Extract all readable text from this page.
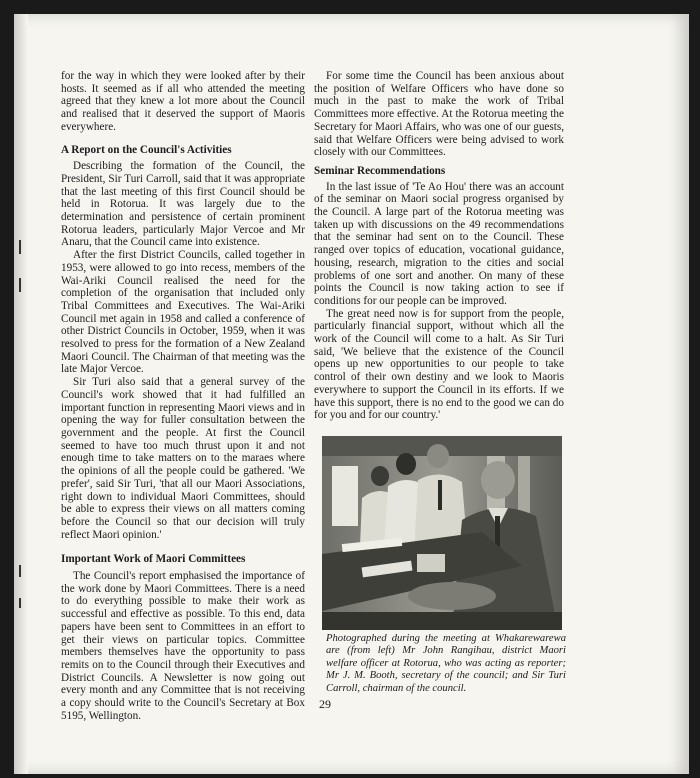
for the way in which they were looked after by their hosts. It seemed as if all who attended the meeting agreed that they knew a lot more about the Council and realised that it deserved the support of Maoris everywhere.

A Report on the Council's Activities

Describing the formation of the Council, the President, Sir Turi Carroll, said that it was appropriate that the last meeting of this first Council should be held in Rotorua. It was largely due to the determination and persistence of certain prominent Rotorua leaders, particularly Major Vercoe and Mr Anaru, that the Council came into existence.

After the first District Councils, called together in 1953, were allowed to go into recess, members of the Wai-Ariki Council realised the need for the completion of the organisation that included only Tribal Committees and Executives. The Wai-Ariki Council met again in 1958 and called a conference of other District Councils in October, 1959, when it was resolved to press for the formation of a New Zealand Maori Council. The Chairman of that meeting was the late Major Vercoe.

Sir Turi also said that a general survey of the Council's work showed that it had fulfilled an important function in representing Maori views and in opening the way for fuller consultation between the government and the people. At first the Council seemed to have too much thrust upon it and not enough time to take matters on to the maraes where the opinions of all the people could be gathered. 'We prefer', said Sir Turi, 'that all our Maori Associations, right down to individual Maori Committees, should be able to express their views on all matters coming before the Council so that our decision will truly reflect Maori opinion.'

Important Work of Maori Committees

The Council's report emphasised the importance of the work done by Maori Committees. There is a need to do everything possible to make their work as successful and effective as possible. To this end, data papers have been sent to Committees in an effort to get their views on particular topics. Committee members themselves have the opportunity to pass remits on to the Council through their Executives and District Councils. A Newsletter is now going out every month and any Committee that is not receiving a copy should write to the Council's Secretary at Box 5195, Wellington.

For some time the Council has been anxious about the position of Welfare Officers who have done so much in the past to make the work of Tribal Committees more effective. At the Rotorua meeting the Secretary for Maori Affairs, who was one of our guests, said that Welfare Officers were being advised to work closely with our Committees.

Seminar Recommendations

In the last issue of 'Te Ao Hou' there was an account of the seminar on Maori social progress organised by the Council. A large part of the Rotorua meeting was taken up with discussions on the 49 recommendations that the seminar had sent on to the Council. These ranged over topics of education, vocational guidance, housing, research, migration to the cities and social problems of one sort and another. On many of these points the Council is now taking action to see if conditions for our people can be improved.

The great need now is for support from the people, particularly financial support, without which all the work of the Council will come to a halt. As Sir Turi said, 'We believe that the existence of the Council opens up new opportunities to our people to take control of their own destiny and we look to Maoris everywhere to support the Council in its efforts. If we have this support, there is no end to the good we can do for you and for our country.'

Photographed during the meeting at Whakarewarewa are (from left) Mr John Rangihau, district Maori welfare officer at Rotorua, who was acting as reporter; Mr J. M. Booth, secretary of the council; and Sir Turi Carroll, chairman of the council.
29
